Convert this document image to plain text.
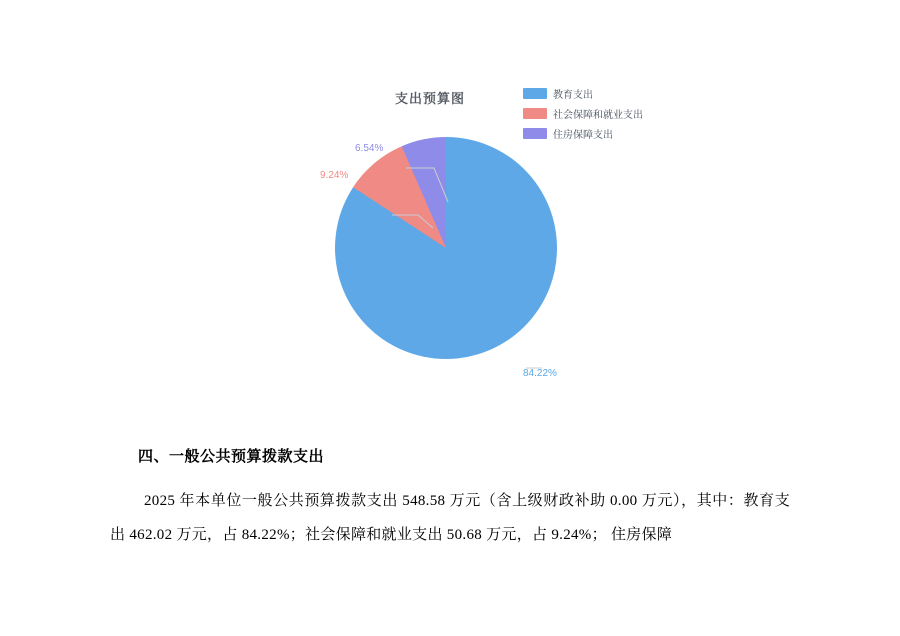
支出预算图	教育支出
社会保障和就业支出
住房保障支出
6.54%
9.24%
84.22%
四、一般公共预算拨款支出

2025 年本单位一般公共预算拨款支出 548.58 万元（含上级财政补助 0.00 万元），其中：教育支出 462.02 万元，占 84.22%；社会保障和就业支出 50.68 万元，占 9.24%； 住房保障
